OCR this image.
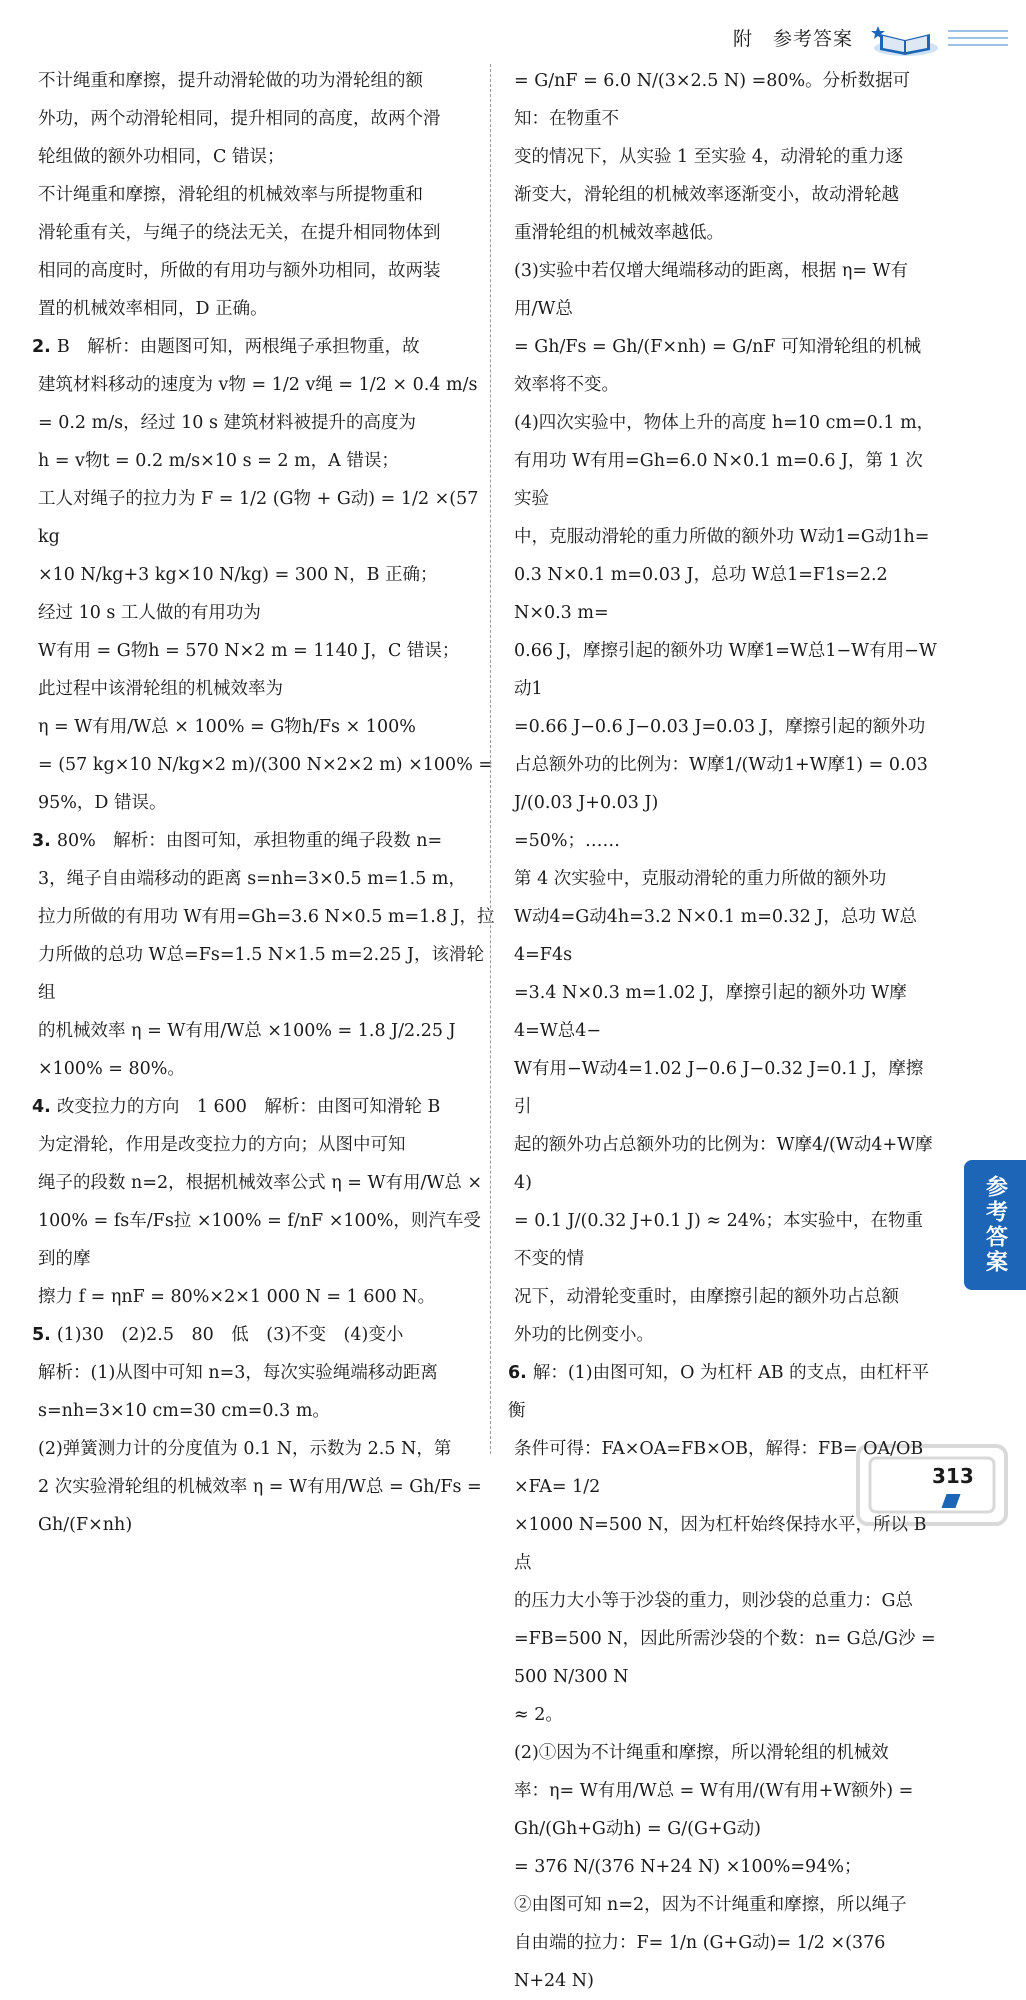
附 参考答案
不计绳重和摩擦，提升动滑轮做的功为滑轮组的额
外功，两个动滑轮相同，提升相同的高度，故两个滑
轮组做的额外功相同，C 错误；
不计绳重和摩擦，滑轮组的机械效率与所提物重和
滑轮重有关，与绳子的绕法无关，在提升相同物体到
相同的高度时，所做的有用功与额外功相同，故两装
置的机械效率相同，D 正确。
2. B　解析：由题图可知，两根绳子承担物重，故
建筑材料移动的速度为 v物 = 1/2 v绳 = 1/2 × 0.4 m/s
= 0.2 m/s，经过 10 s 建筑材料被提升的高度为
h = v物t = 0.2 m/s×10 s = 2 m，A 错误；
工人对绳子的拉力为 F = 1/2 (G物 + G动) = 1/2 ×(57 kg
×10 N/kg+3 kg×10 N/kg) = 300 N，B 正确；
经过 10 s 工人做的有用功为
W有用 = G物h = 570 N×2 m = 1140 J，C 错误；
此过程中该滑轮组的机械效率为
η = W有用/W总 × 100% = G物h/Fs × 100%
= (57 kg×10 N/kg×2 m)/(300 N×2×2 m) ×100% = 95%，D 错误。
3. 80%　解析：由图可知，承担物重的绳子段数 n=
3，绳子自由端移动的距离 s=nh=3×0.5 m=1.5 m，
拉力所做的有用功 W有用=Gh=3.6 N×0.5 m=1.8 J，拉
力所做的总功 W总=Fs=1.5 N×1.5 m=2.25 J，该滑轮组
的机械效率 η = W有用/W总 ×100% = 1.8 J/2.25 J ×100% = 80%。
4. 改变拉力的方向　1 600　解析：由图可知滑轮 B
为定滑轮，作用是改变拉力的方向；从图中可知
绳子的段数 n=2，根据机械效率公式 η = W有用/W总 ×
100% = fs车/Fs拉 ×100% = f/nF ×100%，则汽车受到的摩
擦力 f = ηnF = 80%×2×1 000 N = 1 600 N。
5. (1)30　(2)2.5　80　低　(3)不变　(4)变小
解析：(1)从图中可知 n=3，每次实验绳端移动距离
s=nh=3×10 cm=30 cm=0.3 m。
(2)弹簧测力计的分度值为 0.1 N，示数为 2.5 N，第
2 次实验滑轮组的机械效率 η = W有用/W总 = Gh/Fs = Gh/(F×nh)
= G/nF = 6.0 N/(3×2.5 N) =80%。分析数据可知：在物重不
变的情况下，从实验 1 至实验 4，动滑轮的重力逐
渐变大，滑轮组的机械效率逐渐变小，故动滑轮越
重滑轮组的机械效率越低。
(3)实验中若仅增大绳端移动的距离，根据 η= W有用/W总
= Gh/Fs = Gh/(F×nh) = G/nF 可知滑轮组的机械效率将不变。
(4)四次实验中，物体上升的高度 h=10 cm=0.1 m，
有用功 W有用=Gh=6.0 N×0.1 m=0.6 J，第 1 次实验
中，克服动滑轮的重力所做的额外功 W动1=G动1h=
0.3 N×0.1 m=0.03 J，总功 W总1=F1s=2.2 N×0.3 m=
0.66 J，摩擦引起的额外功 W摩1=W总1−W有用−W动1
=0.66 J−0.6 J−0.03 J=0.03 J，摩擦引起的额外功
占总额外功的比例为：W摩1/(W动1+W摩1) = 0.03 J/(0.03 J+0.03 J)
=50%；……
第 4 次实验中，克服动滑轮的重力所做的额外功
W动4=G动4h=3.2 N×0.1 m=0.32 J，总功 W总4=F4s
=3.4 N×0.3 m=1.02 J，摩擦引起的额外功 W摩4=W总4−
W有用−W动4=1.02 J−0.6 J−0.32 J=0.1 J，摩擦引
起的额外功占总额外功的比例为：W摩4/(W动4+W摩4)
= 0.1 J/(0.32 J+0.1 J) ≈ 24%；本实验中，在物重不变的情
况下，动滑轮变重时，由摩擦引起的额外功占总额
外功的比例变小。
6. 解：(1)由图可知，O 为杠杆 AB 的支点，由杠杆平衡
条件可得：FA×OA=FB×OB，解得：FB= OA/OB ×FA= 1/2
×1000 N=500 N，因为杠杆始终保持水平，所以 B 点
的压力大小等于沙袋的重力，则沙袋的总重力：G总
=FB=500 N，因此所需沙袋的个数：n= G总/G沙 = 500 N/300 N
≈ 2。
(2)①因为不计绳重和摩擦，所以滑轮组的机械效
率：η= W有用/W总 = W有用/(W有用+W额外) = Gh/(Gh+G动h) = G/(G+G动)
= 376 N/(376 N+24 N) ×100%=94%；
②由图可知 n=2，因为不计绳重和摩擦，所以绳子
自由端的拉力：F= 1/n (G+G动)= 1/2 ×(376 N+24 N)
参考答案
313
